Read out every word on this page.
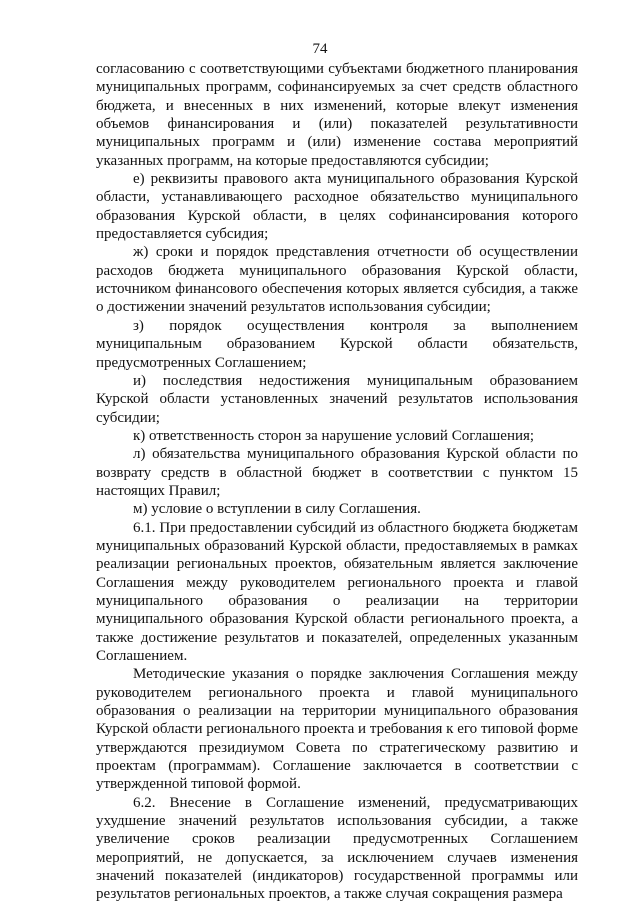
74

согласованию с соответствующими субъектами бюджетного планирования муниципальных программ, софинансируемых за счет средств областного бюджета, и внесенных в них изменений, которые влекут изменения объемов финансирования и (или) показателей результативности муниципальных программ и (или) изменение состава мероприятий указанных программ, на которые предоставляются субсидии;

е) реквизиты правового акта муниципального образования Курской области, устанавливающего расходное обязательство муниципального образования Курской области, в целях софинансирования которого предоставляется субсидия;

ж) сроки и порядок представления отчетности об осуществлении расходов бюджета муниципального образования Курской области, источником финансового обеспечения которых является субсидия, а также о достижении значений результатов использования субсидии;

з) порядок осуществления контроля за выполнением муниципальным образованием Курской области обязательств, предусмотренных Соглашением;

и) последствия недостижения муниципальным образованием Курской области установленных значений результатов использования субсидии;

к) ответственность сторон за нарушение условий Соглашения;

л) обязательства муниципального образования Курской области по возврату средств в областной бюджет в соответствии с пунктом 15 настоящих Правил;

м) условие о вступлении в силу Соглашения.

6.1. При предоставлении субсидий из областного бюджета бюджетам муниципальных образований Курской области, предоставляемых в рамках реализации региональных проектов, обязательным является заключение Соглашения между руководителем регионального проекта и главой муниципального образования о реализации на территории муниципального образования Курской области регионального проекта, а также достижение результатов и показателей, определенных указанным Соглашением.

Методические указания о порядке заключения Соглашения между руководителем регионального проекта и главой муниципального образования о реализации на территории муниципального образования Курской области регионального проекта и требования к его типовой форме утверждаются президиумом Совета по стратегическому развитию и проектам (программам). Соглашение заключается в соответствии с утвержденной типовой формой.

6.2. Внесение в Соглашение изменений, предусматривающих ухудшение значений результатов использования субсидии, а также увеличение сроков реализации предусмотренных Соглашением мероприятий, не допускается, за исключением случаев изменения значений показателей (индикаторов) государственной программы или результатов региональных проектов, а также случая сокращения размера
